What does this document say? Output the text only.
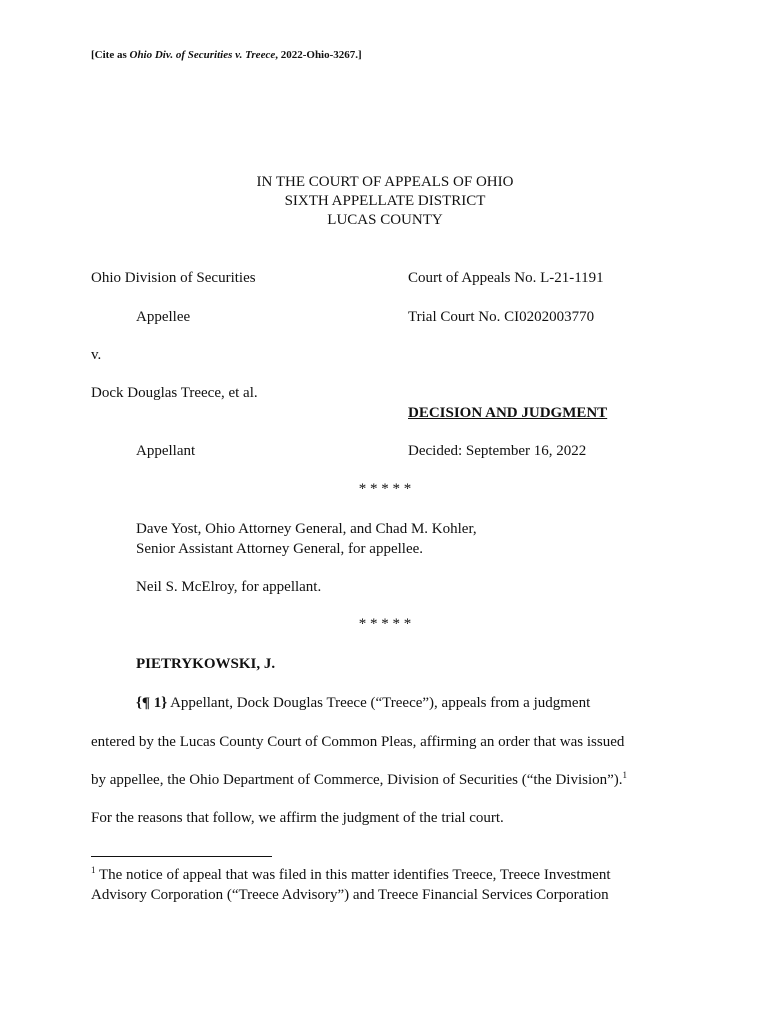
[Cite as Ohio Div. of Securities v. Treece, 2022-Ohio-3267.]
IN THE COURT OF APPEALS OF OHIO
SIXTH APPELLATE DISTRICT
LUCAS COUNTY
Ohio Division of Securities	Court of Appeals No. L-21-1191
Appellee	Trial Court No. CI0202003770
v.
Dock Douglas Treece, et al.
DECISION AND JUDGMENT
Appellant	Decided: September 16, 2022
* * * * *
Dave Yost, Ohio Attorney General, and Chad M. Kohler,
Senior Assistant Attorney General, for appellee.
Neil S. McElroy, for appellant.
* * * * *
PIETRYKOWSKI, J.
{¶ 1} Appellant, Dock Douglas Treece (“Treece”), appeals from a judgment
entered by the Lucas County Court of Common Pleas, affirming an order that was issued
by appellee, the Ohio Department of Commerce, Division of Securities (“the Division”).$^1$
For the reasons that follow, we affirm the judgment of the trial court.
$^1$ The notice of appeal that was filed in this matter identifies Treece, Treece Investment
Advisory Corporation (“Treece Advisory”) and Treece Financial Services Corporation
